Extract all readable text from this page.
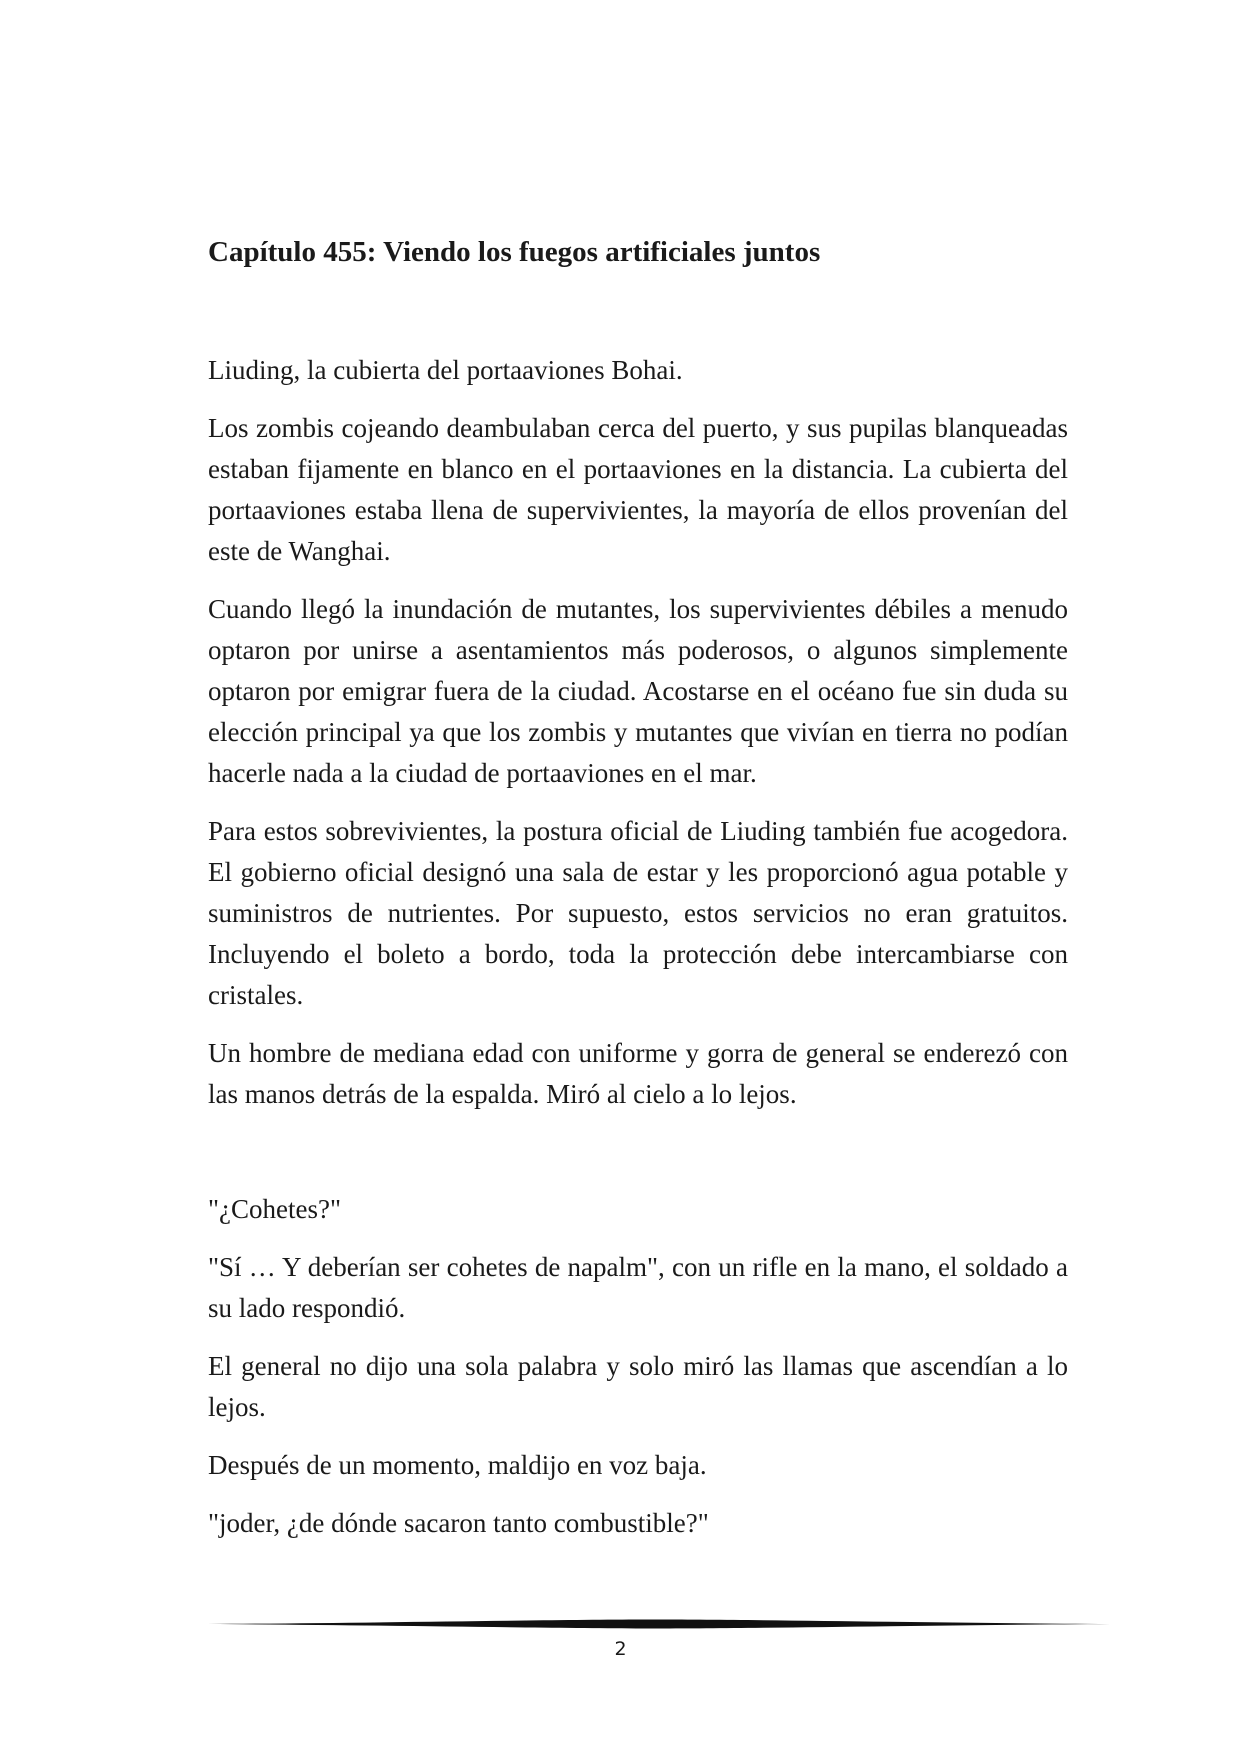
Capítulo 455: Viendo los fuegos artificiales juntos

Liuding, la cubierta del portaaviones Bohai.

Los zombis cojeando deambulaban cerca del puerto, y sus pupilas blanqueadas estaban fijamente en blanco en el portaaviones en la distancia. La cubierta del portaaviones estaba llena de supervivientes, la mayoría de ellos provenían del este de Wanghai.

Cuando llegó la inundación de mutantes, los supervivientes débiles a menudo optaron por unirse a asentamientos más poderosos, o algunos simplemente optaron por emigrar fuera de la ciudad. Acostarse en el océano fue sin duda su elección principal ya que los zombis y mutantes que vivían en tierra no podían hacerle nada a la ciudad de portaaviones en el mar.

Para estos sobrevivientes, la postura oficial de Liuding también fue acogedora. El gobierno oficial designó una sala de estar y les proporcionó agua potable y suministros de nutrientes. Por supuesto, estos servicios no eran gratuitos. Incluyendo el boleto a bordo, toda la protección debe intercambiarse con cristales.

Un hombre de mediana edad con uniforme y gorra de general se enderezó con las manos detrás de la espalda. Miró al cielo a lo lejos.

"¿Cohetes?"

"Sí … Y deberían ser cohetes de napalm", con un rifle en la mano, el soldado a su lado respondió.

El general no dijo una sola palabra y solo miró las llamas que ascendían a lo lejos.

Después de un momento, maldijo en voz baja.

"joder, ¿de dónde sacaron tanto combustible?"

2
